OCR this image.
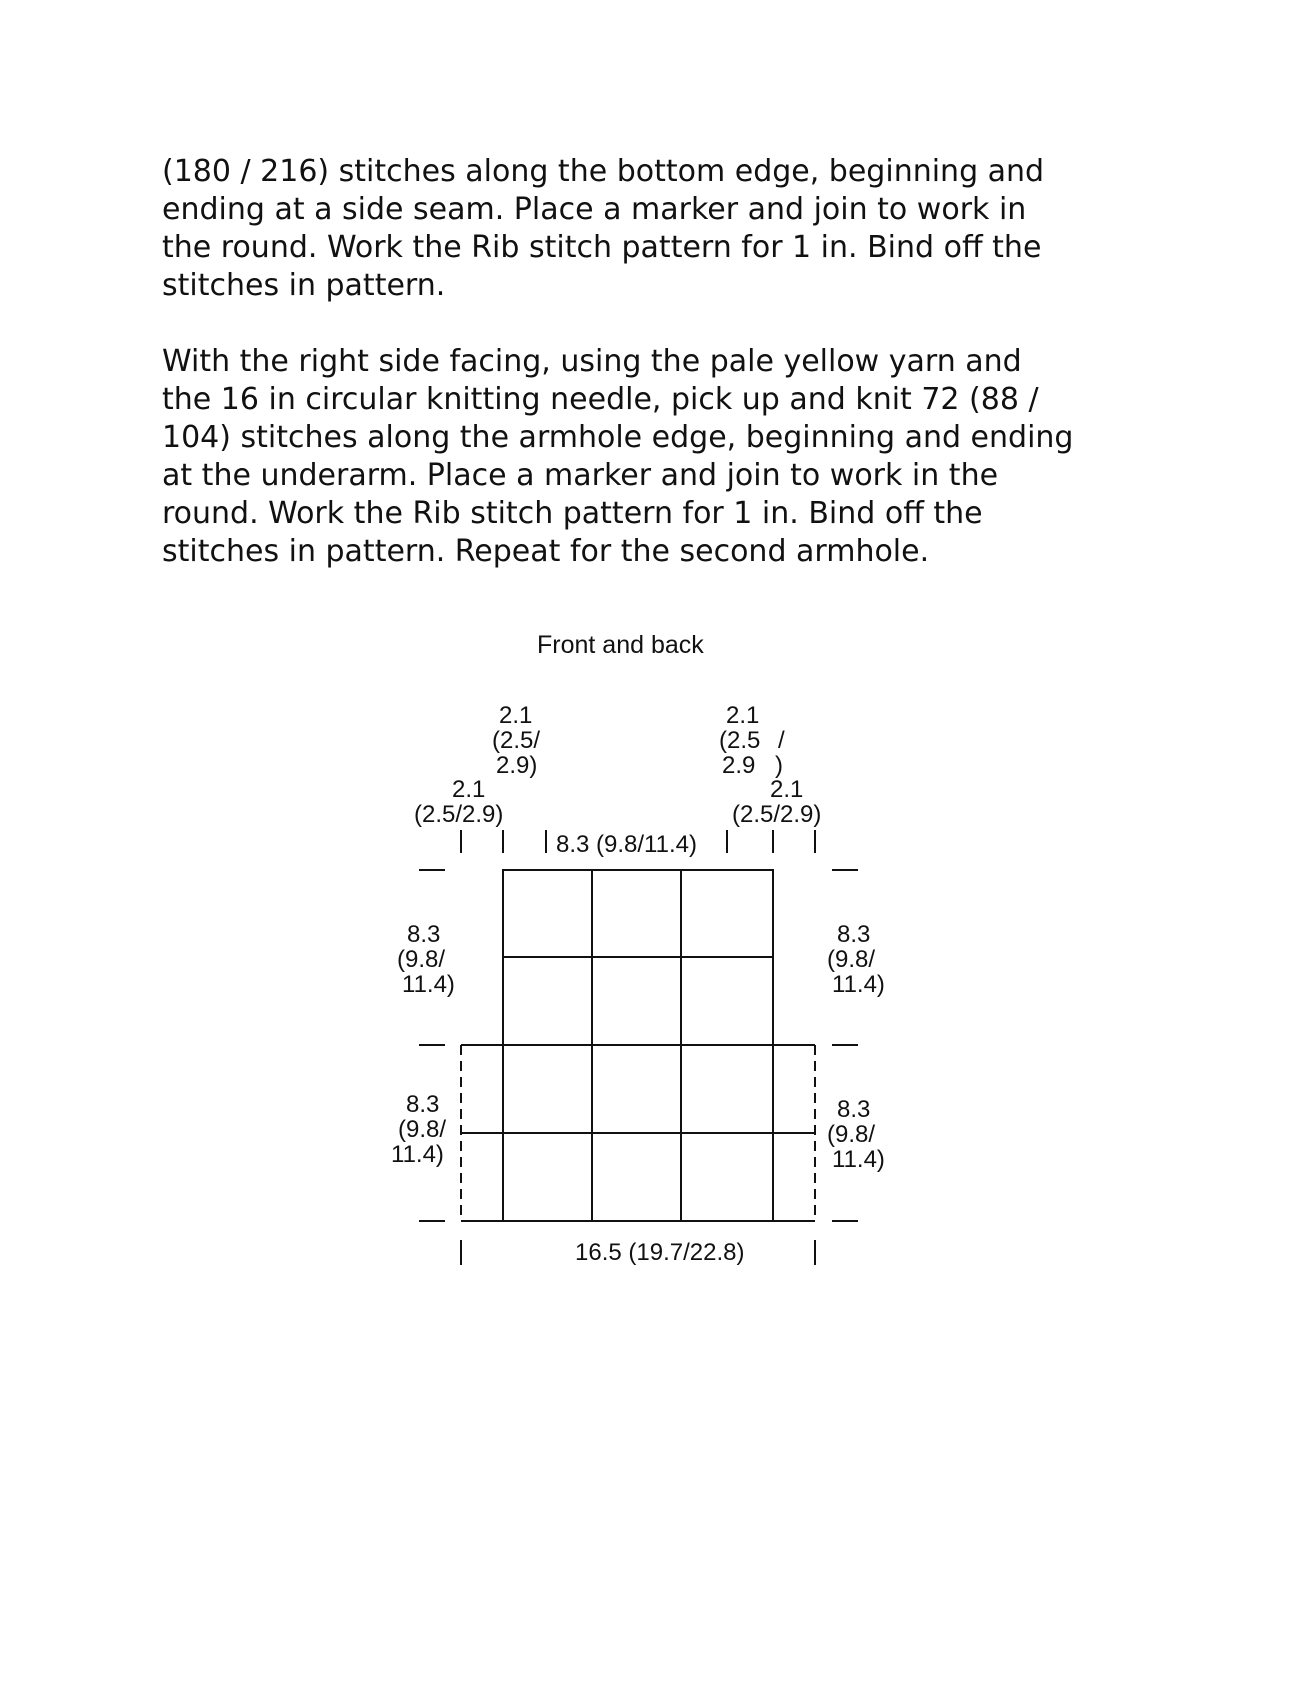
(180 / 216) stitches along the bottom edge, beginning and
ending at a side seam. Place a marker and join to work in
the round. Work the Rib stitch pattern for 1 in. Bind off the
stitches in pattern.

With the right side facing, using the pale yellow yarn and
the 16 in circular knitting needle, pick up and knit 72 (88 /
104) stitches along the armhole edge, beginning and ending
at the underarm. Place a marker and join to work in the
round. Work the Rib stitch pattern for 1 in. Bind off the
stitches in pattern. Repeat for the second armhole.

Front and back
2.1 (2.5/ 2.9)
2.1 (2.5 / 2.9 )
2.1 (2.5/2.9)
2.1 (2.5/2.9)
8.3 (9.8/11.4)
8.3 (9.8/ 11.4)
8.3 (9.8/ 11.4)
8.3 (9.8/ 11.4)
8.3 (9.8/ 11.4)
16.5 (19.7/22.8)
